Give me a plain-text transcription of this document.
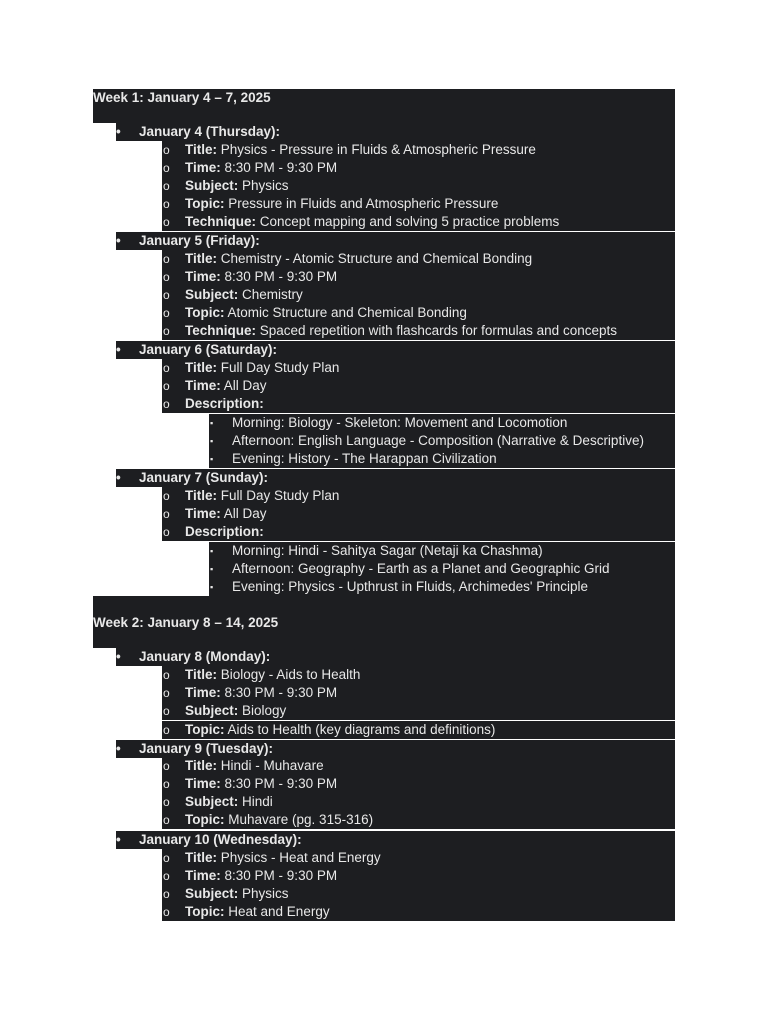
Week 1: January 4 – 7, 2025
• January 4 (Thursday):
o Title: Physics - Pressure in Fluids & Atmospheric Pressure
o Time: 8:30 PM - 9:30 PM
o Subject: Physics
o Topic: Pressure in Fluids and Atmospheric Pressure
o Technique: Concept mapping and solving 5 practice problems
• January 5 (Friday):
o Title: Chemistry - Atomic Structure and Chemical Bonding
o Time: 8:30 PM - 9:30 PM
o Subject: Chemistry
o Topic: Atomic Structure and Chemical Bonding
o Technique: Spaced repetition with flashcards for formulas and concepts
• January 6 (Saturday):
o Title: Full Day Study Plan
o Time: All Day
o Description:
▪ Morning: Biology - Skeleton: Movement and Locomotion
▪ Afternoon: English Language - Composition (Narrative & Descriptive)
▪ Evening: History - The Harappan Civilization
• January 7 (Sunday):
o Title: Full Day Study Plan
o Time: All Day
o Description:
▪ Morning: Hindi - Sahitya Sagar (Netaji ka Chashma)
▪ Afternoon: Geography - Earth as a Planet and Geographic Grid
▪ Evening: Physics - Upthrust in Fluids, Archimedes' Principle
Week 2: January 8 – 14, 2025
• January 8 (Monday):
o Title: Biology - Aids to Health
o Time: 8:30 PM - 9:30 PM
o Subject: Biology
o Topic: Aids to Health (key diagrams and definitions)
• January 9 (Tuesday):
o Title: Hindi - Muhavare
o Time: 8:30 PM - 9:30 PM
o Subject: Hindi
o Topic: Muhavare (pg. 315-316)
• January 10 (Wednesday):
o Title: Physics - Heat and Energy
o Time: 8:30 PM - 9:30 PM
o Subject: Physics
o Topic: Heat and Energy
